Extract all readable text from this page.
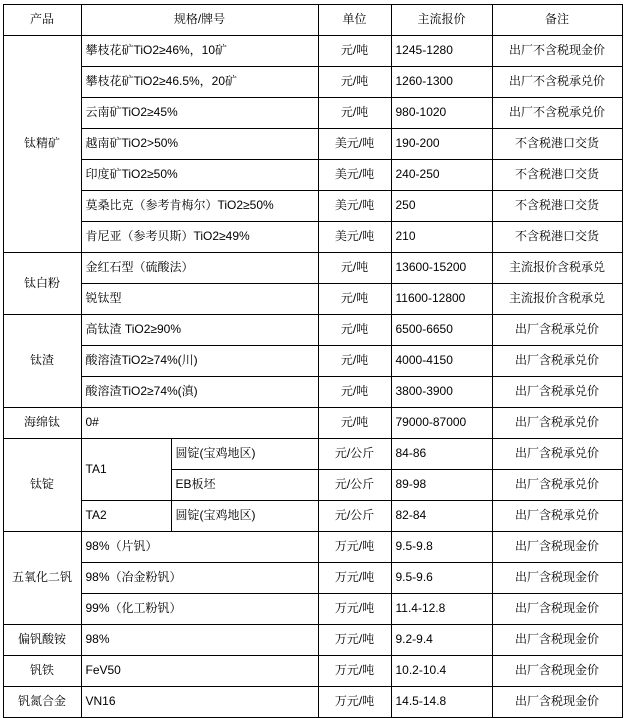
产品	规格/牌号		单位	主流报价	备注
钛精矿	攀枝花矿TiO2≥46%，10矿		元/吨	1245-1280	出厂不含税现金价
	攀枝花矿TiO2≥46.5%，20矿		元/吨	1260-1300	出厂不含税承兑价
	云南矿TiO2≥45%		元/吨	980-1020	出厂不含税承兑价
	越南矿TiO2>50%		美元/吨	190-200	不含税港口交货
	印度矿TiO2≥50%		美元/吨	240-250	不含税港口交货
	莫桑比克（参考肯梅尔）TiO2≥50%		美元/吨	250	不含税港口交货
	肯尼亚（参考贝斯）TiO2≥49%		美元/吨	210	不含税港口交货
钛白粉	金红石型（硫酸法）		元/吨	13600-15200	主流报价含税承兑
	锐钛型		元/吨	11600-12800	主流报价含税承兑
钛渣	高钛渣 TiO2≥90%		元/吨	6500-6650	出厂含税承兑价
	酸溶渣TiO2≥74%(川)		元/吨	4000-4150	出厂含税承兑价
	酸溶渣TiO2≥74%(滇)		元/吨	3800-3900	出厂含税承兑价
海绵钛	0#		元/吨	79000-87000	出厂含税承兑价
钛锭	TA1	圆锭(宝鸡地区)	元/公斤	84-86	出厂含税承兑价
		EB板坯	元/公斤	89-98	出厂含税承兑价
	TA2	圆锭(宝鸡地区)	元/公斤	82-84	出厂含税承兑价
五氧化二钒	98%（片钒）		万元/吨	9.5-9.8	出厂含税现金价
	98%（冶金粉钒）		万元/吨	9.5-9.6	出厂含税现金价
	99%（化工粉钒）		万元/吨	11.4-12.8	出厂含税现金价
偏钒酸铵	98%		万元/吨	9.2-9.4	出厂含税现金价
钒铁	FeV50		万元/吨	10.2-10.4	出厂含税现金价
钒氮合金	VN16		万元/吨	14.5-14.8	出厂含税现金价
